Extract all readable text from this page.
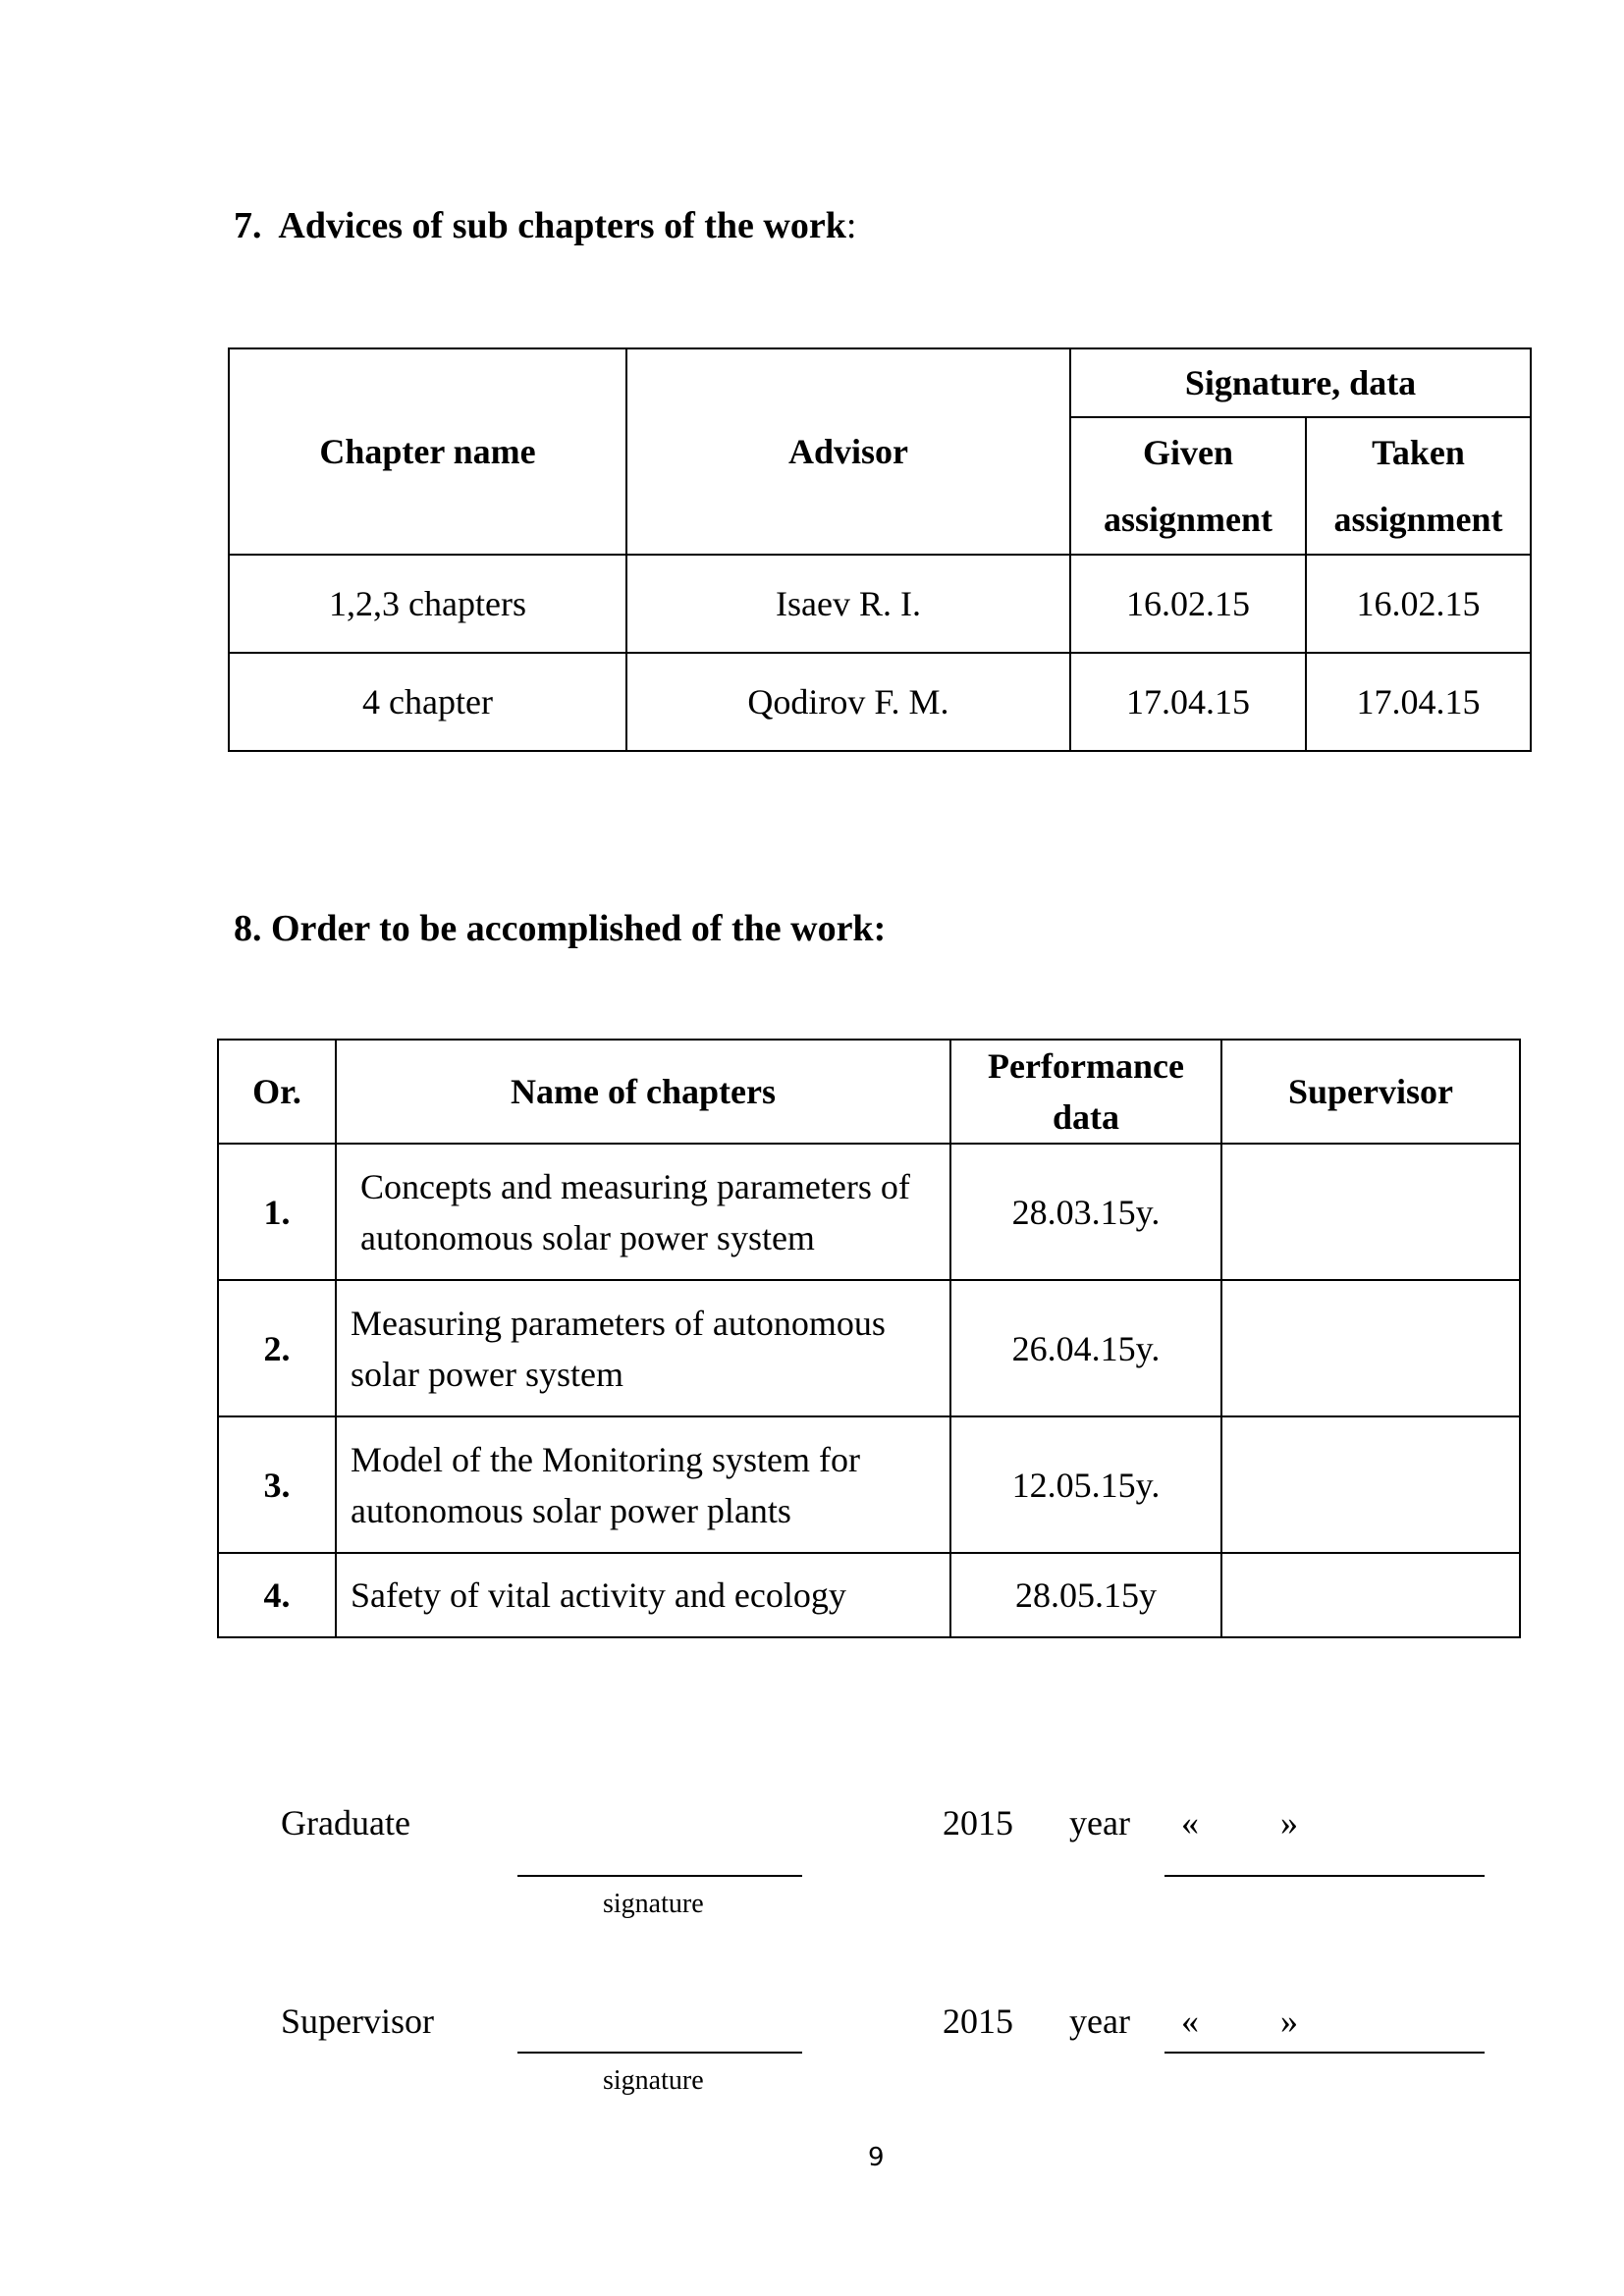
7. Advices of sub chapters of the work:
Chapter name	Advisor	Signature, data	
		Given assignment	Taken assignment
1,2,3 chapters	Isaev R. I.	16.02.15	16.02.15
4 chapter	Qodirov F. M.	17.04.15	17.04.15
8. Order to be accomplished of the work:
Or.	Name of chapters	Performance data	Supervisor
1.	Concepts and measuring parameters of autonomous solar power system	28.03.15y.	
2.	Measuring parameters of autonomous solar power system	26.04.15y.	
3.	Model of the Monitoring system for autonomous solar power plants	12.05.15y.	
4.	Safety of vital activity and ecology	28.05.15y	
Graduate
signature
2015 year « »
Supervisor
signature
2015 year « »
9
